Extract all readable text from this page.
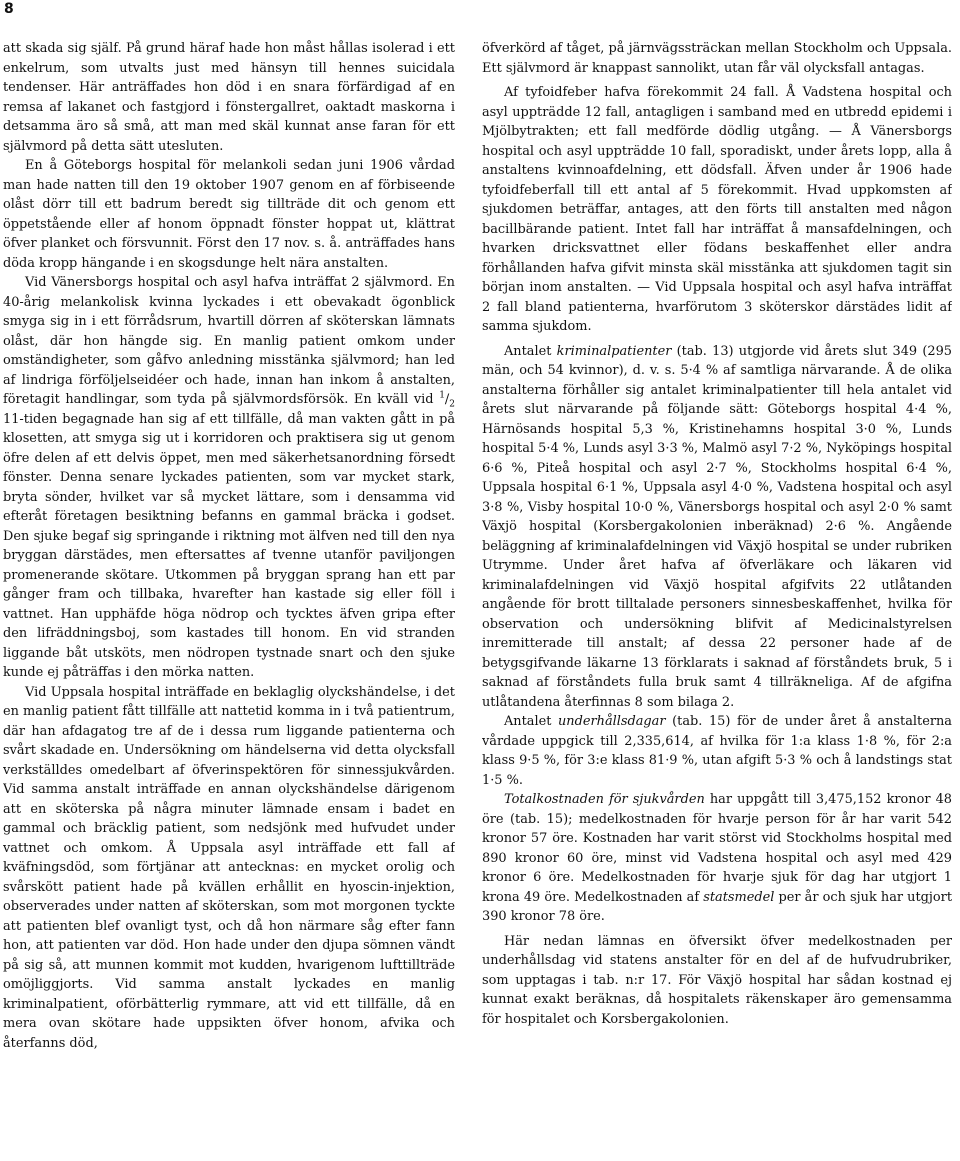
8

att skada sig själf. På grund häraf hade hon måst hållas isolerad i ett enkelrum, som utvalts just med hänsyn till hennes suicidala tendenser. Här anträffades hon död i en snara förfärdigad af en remsa af lakanet och fastgjord i fönstergallret, oaktadt maskorna i detsamma äro så små, att man med skäl kunnat anse faran för ett självmord på detta sätt utesluten.

En å Göteborgs hospital för melankoli sedan juni 1906 vårdad man hade natten till den 19 oktober 1907 genom en af förbiseende olåst dörr till ett badrum beredt sig tillträde dit och genom ett öppetstående eller af honom öppnadt fönster hoppat ut, klättrat öfver planket och försvunnit. Först den 17 nov. s. å. anträffades hans döda kropp hängande i en skogsdunge helt nära anstalten.

Vid Vänersborgs hospital och asyl hafva inträffat 2 självmord. En 40-årig melankolisk kvinna lyckades i ett obevakadt ögonblick smyga sig in i ett förrådsrum, hvartill dörren af sköterskan lämnats olåst, där hon hängde sig. En manlig patient omkom under omständigheter, som gåfvo anledning misstänka självmord; han led af lindriga förföljelseidéer och hade, innan han inkom å anstalten, företagit handlingar, som tyda på självmordsförsök. En kväll vid $^1/_2$ 11-tiden begagnade han sig af ett tillfälle, då man vakten gått in på klosetten, att smyga sig ut i korridoren och praktisera sig ut genom öfre delen af ett delvis öppet, men med säkerhetsanordning försedt fönster. Denna senare lyckades patienten, som var mycket stark, bryta sönder, hvilket var så mycket lättare, som i densamma vid efteråt företagen besiktning befanns en gammal bräcka i godset. Den sjuke begaf sig springande i riktning mot älfven ned till den nya bryggan därstädes, men eftersattes af tvenne utanför paviljongen promenerande skötare. Utkommen på bryggan sprang han ett par gånger fram och tillbaka, hvarefter han kastade sig eller föll i vattnet. Han upphäfde höga nödrop och tycktes äfven gripa efter den lifräddningsboj, som kastades till honom. En vid stranden liggande båt utsköts, men nödropen tystnade snart och den sjuke kunde ej påträffas i den mörka natten.

Vid Uppsala hospital inträffade en beklaglig olyckshändelse, i det en manlig patient fått tillfälle att nattetid komma in i två patientrum, där han afdagatog tre af de i dessa rum liggande patienterna och svårt skadade en. Undersökning om händelserna vid detta olycksfall verkställdes omedelbart af öfverinspektören för sinnessjukvården. Vid samma anstalt inträffade en annan olyckshändelse därigenom att en sköterska på några minuter lämnade ensam i badet en gammal och bräcklig patient, som nedsjönk med hufvudet under vattnet och omkom. Å Uppsala asyl inträffade ett fall af kväfningsdöd, som förtjänar att antecknas: en mycket orolig och svårskött patient hade på kvällen erhållit en hyoscin-injektion, observerades under natten af sköterskan, som mot morgonen tyckte att patienten blef ovanligt tyst, och då hon närmare såg efter fann hon, att patienten var död. Hon hade under den djupa sömnen vändt på sig så, att munnen kommit mot kudden, hvarigenom lufttillträde omöjliggjorts. Vid samma anstalt lyckades en manlig kriminalpatient, oförbätterlig rymmare, att vid ett tillfälle, då en mera ovan skötare hade uppsikten öfver honom, afvika och återfanns död,

öfverkörd af tåget, på järnvägssträckan mellan Stockholm och Uppsala. Ett självmord är knappast sannolikt, utan får väl olycksfall antagas.

Af tyfoidfeber hafva förekommit 24 fall. Å Vadstena hospital och asyl uppträdde 12 fall, antagligen i samband med en utbredd epidemi i Mjölbytrakten; ett fall medförde dödlig utgång. — Å Vänersborgs hospital och asyl uppträdde 10 fall, sporadiskt, under årets lopp, alla å anstaltens kvinnoafdelning, ett dödsfall. Äfven under år 1906 hade tyfoidfeberfall till ett antal af 5 förekommit. Hvad uppkomsten af sjukdomen beträffar, antages, att den förts till anstalten med någon bacillbärande patient. Intet fall har inträffat å mansafdelningen, och hvarken dricksvattnet eller födans beskaffenhet eller andra förhållanden hafva gifvit minsta skäl misstänka att sjukdomen tagit sin början inom anstalten. — Vid Uppsala hospital och asyl hafva inträffat 2 fall bland patienterna, hvarförutom 3 sköterskor därstädes lidit af samma sjukdom.

Antalet kriminalpatienter (tab. 13) utgjorde vid årets slut 349 (295 män, och 54 kvinnor), d. v. s. 5·4 % af samtliga närvarande. Å de olika anstalterna förhåller sig antalet kriminalpatienter till hela antalet vid årets slut närvarande på följande sätt: Göteborgs hospital 4·4 %, Härnösands hospital 5,3 %, Kristinehamns hospital 3·0 %, Lunds hospital 5·4 %, Lunds asyl 3·3 %, Malmö asyl 7·2 %, Nyköpings hospital 6·6 %, Piteå hospital och asyl 2·7 %, Stockholms hospital 6·4 %, Uppsala hospital 6·1 %, Uppsala asyl 4·0 %, Vadstena hospital och asyl 3·8 %, Visby hospital 10·0 %, Vänersborgs hospital och asyl 2·0 % samt Växjö hospital (Korsbergakolonien inberäknad) 2·6 %. Angående beläggning af kriminalafdelningen vid Växjö hospital se under rubriken Utrymme. Under året hafva af öfverläkare och läkaren vid kriminalafdelningen vid Växjö hospital afgifvits 22 utlåtanden angående för brott tilltalade personers sinnesbeskaffenhet, hvilka för observation och undersökning blifvit af Medicinalstyrelsen inremitterade till anstalt; af dessa 22 personer hade af de betygsgifvande läkarne 13 förklarats i saknad af förståndets bruk, 5 i saknad af förståndets fulla bruk samt 4 tillräkneliga. Af de afgifna utlåtandena återfinnas 8 som bilaga 2.

Antalet underhållsdagar (tab. 15) för de under året å anstalterna vårdade uppgick till 2,335,614, af hvilka för 1:a klass 1·8 %, för 2:a klass 9·5 %, för 3:e klass 81·9 %, utan afgift 5·3 % och å landstings stat 1·5 %.

Totalkostnaden för sjukvården har uppgått till 3,475,152 kronor 48 öre (tab. 15); medelkostnaden för hvarje person för år har varit 542 kronor 57 öre. Kostnaden har varit störst vid Stockholms hospital med 890 kronor 60 öre, minst vid Vadstena hospital och asyl med 429 kronor 6 öre. Medelkostnaden för hvarje sjuk för dag har utgjort 1 krona 49 öre. Medelkostnaden af statsmedel per år och sjuk har utgjort 390 kronor 78 öre.

Här nedan lämnas en öfversikt öfver medelkostnaden per underhållsdag vid statens anstalter för en del af de hufvudrubriker, som upptagas i tab. n:r 17. För Växjö hospital har sådan kostnad ej kunnat exakt beräknas, då hospitalets räkenskaper äro gemensamma för hospitalet och Korsbergakolonien.
